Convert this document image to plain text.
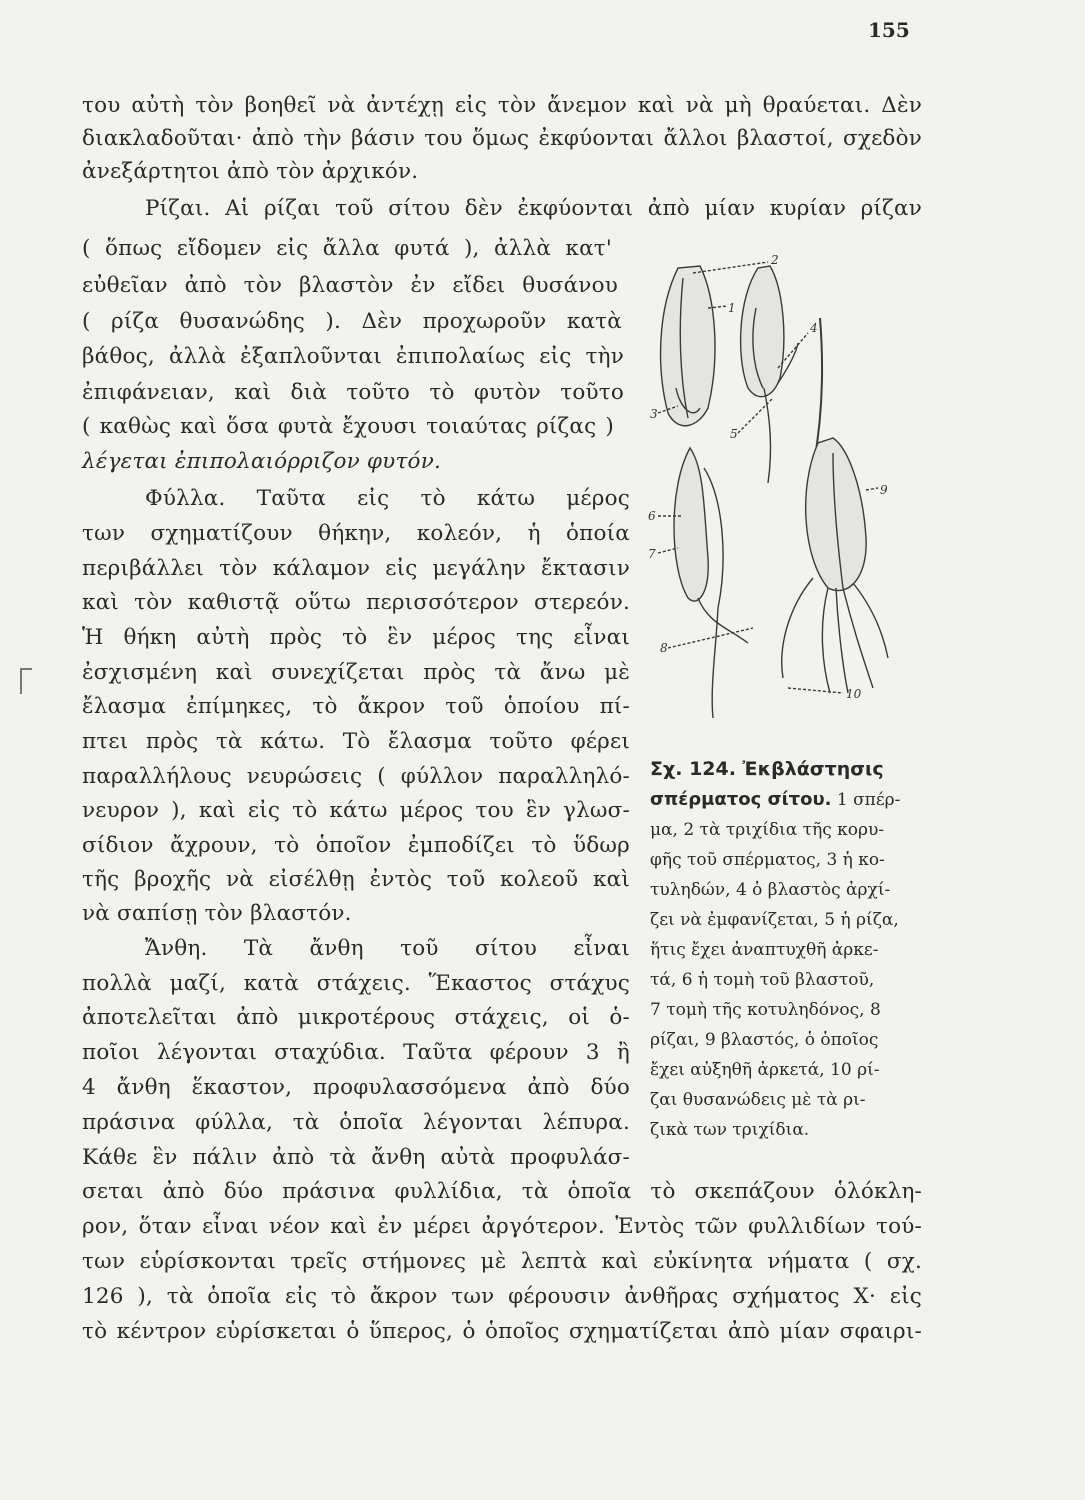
155
του αὐτὴ τὸν βοηθεῖ νὰ ἀντέχῃ εἰς τὸν ἄνεμον καὶ νὰ μὴ θραύεται. Δὲν
διακλαδοῦται· ἀπὸ τὴν βάσιν του ὅμως ἐκφύονται ἄλλοι βλαστοί, σχεδὸν
ἀνεξάρτητοι ἀπὸ τὸν ἀρχικόν.
Ρίζαι. Αἱ ρίζαι τοῦ σίτου δὲν ἐκφύονται ἀπὸ μίαν κυρίαν ρίζαν
( ὅπως εἴδομεν εἰς ἄλλα φυτά ), ἀλλὰ κατ'
εὐθεῖαν ἀπὸ τὸν βλαστὸν ἐν εἴδει θυσάνου
( ρίζα θυσανώδης ). Δὲν προχωροῦν κατὰ
βάθος, ἀλλὰ ἐξαπλοῦνται ἐπιπολαίως εἰς τὴν
ἐπιφάνειαν, καὶ διὰ τοῦτο τὸ φυτὸν τοῦτο
( καθὼς καὶ ὅσα φυτὰ ἔχουσι τοιαύτας ρίζας )
λέγεται ἐπιπολαιόρριζον φυτόν.
Φύλλα. Ταῦτα εἰς τὸ κάτω μέρος
των σχηματίζουν θήκην, κολεόν, ἡ ὁποία
περιβάλλει τὸν κάλαμον εἰς μεγάλην ἔκτασιν
καὶ τὸν καθιστᾷ οὕτω περισσότερον στερεόν.
Ἡ θήκη αὐτὴ πρὸς τὸ ἓν μέρος της εἶναι
ἐσχισμένη καὶ συνεχίζεται πρὸς τὰ ἄνω μὲ
ἔλασμα ἐπίμηκες, τὸ ἄκρον τοῦ ὁποίου πί-
πτει πρὸς τὰ κάτω. Τὸ ἔλασμα τοῦτο φέρει
παραλλήλους νευρώσεις ( φύλλον παραλληλό-
νευρον ), καὶ εἰς τὸ κάτω μέρος του ἓν γλωσ-
σίδιον ἄχρουν, τὸ ὁποῖον ἐμποδίζει τὸ ὕδωρ
τῆς βροχῆς νὰ εἰσέλθῃ ἐντὸς τοῦ κολεοῦ καὶ
νὰ σαπίσῃ τὸν βλαστόν.
Ἄνθη. Τὰ ἄνθη τοῦ σίτου εἶναι
πολλὰ μαζί, κατὰ στάχεις. Ἕκαστος στάχυς
ἀποτελεῖται ἀπὸ μικροτέρους στάχεις, οἱ ὁ-
ποῖοι λέγονται σταχύδια. Ταῦτα φέρουν 3 ἢ
4 ἄνθη ἕκαστον, προφυλασσόμενα ἀπὸ δύο
πράσινα φύλλα, τὰ ὁποῖα λέγονται λέπυρα.
Κάθε ἓν πάλιν ἀπὸ τὰ ἄνθη αὐτὰ προφυλάσ-
σεται ἀπὸ δύο πράσινα φυλλίδια, τὰ ὁποῖα τὸ σκεπάζουν ὁλόκλη-
ρον, ὅταν εἶναι νέον καὶ ἐν μέρει ἀργότερον. Ἐντὸς τῶν φυλλιδίων τού-
των εὑρίσκονται τρεῖς στήμονες μὲ λεπτὰ καὶ εὐκίνητα νήματα ( σχ.
126 ), τὰ ὁποῖα εἰς τὸ ἄκρον των φέρουσιν ἀνθῆρας σχήματος Χ· εἰς
τὸ κέντρον εὑρίσκεται ὁ ὕπερος, ὁ ὁποῖος σχηματίζεται ἀπὸ μίαν σφαιρι-
1
2
3
4
5
6
7
8
9
10
Σχ. 124. Ἐκβλάστησις
σπέρματος σίτου. 1 σπέρ-
μα, 2 τὰ τριχίδια τῆς κορυ-
φῆς τοῦ σπέρματος, 3 ἡ κο-
τυληδών, 4 ὁ βλαστὸς ἀρχί-
ζει νὰ ἐμφανίζεται, 5 ἡ ρίζα,
ἥτις ἔχει ἀναπτυχθῆ ἀρκε-
τά, 6 ἡ τομὴ τοῦ βλαστοῦ,
7 τομὴ τῆς κοτυληδόνος, 8
ρίζαι, 9 βλαστός, ὁ ὁποῖος
ἔχει αὐξηθῆ ἀρκετά, 10 ρί-
ζαι θυσανώδεις μὲ τὰ ρι-
ζικὰ των τριχίδια.
